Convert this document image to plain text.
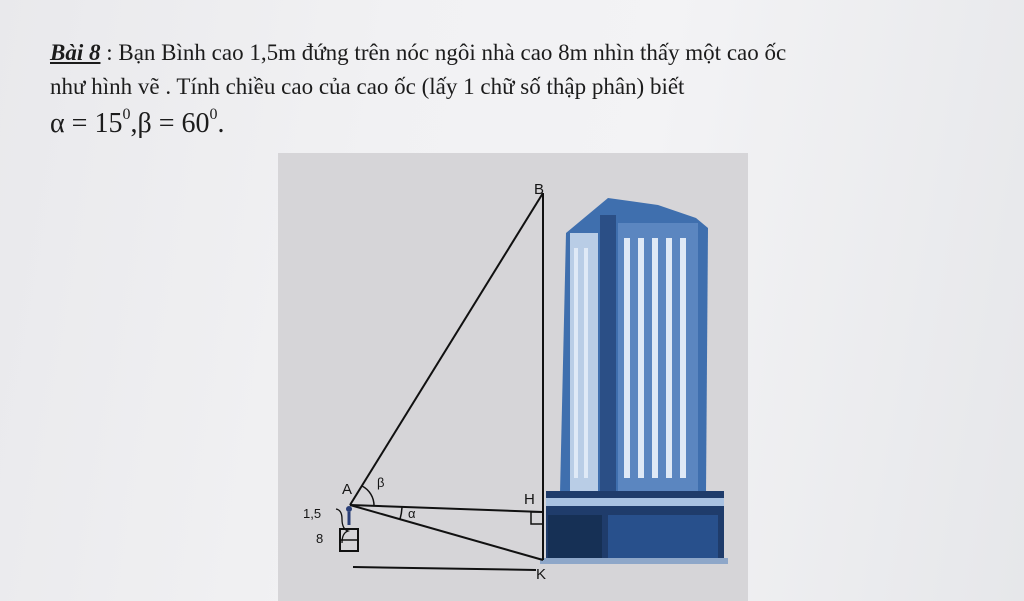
Bài 8 : Bạn Bình cao 1,5m đứng trên nóc ngôi nhà cao 8m nhìn thấy một cao ốc
như hình vẽ . Tính chiều cao của cao ốc (lấy 1 chữ số thập phân) biết
$\alpha = 15^0,\beta = 60^0$.
B
A
H
K
β
α
1,5
8
